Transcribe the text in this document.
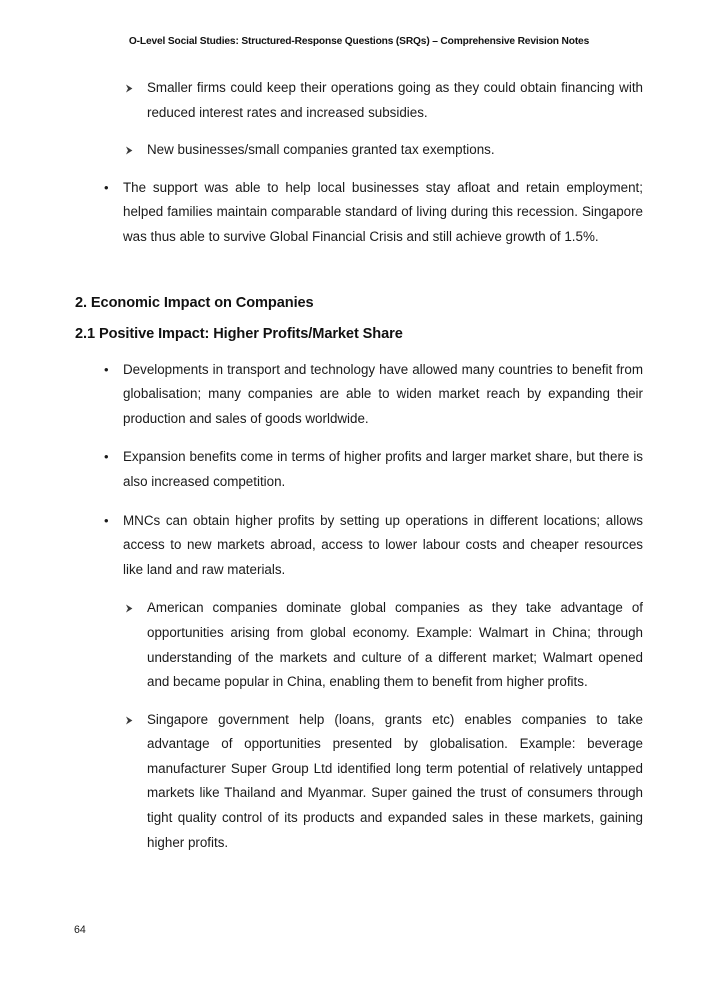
O-Level Social Studies: Structured-Response Questions (SRQs) – Comprehensive Revision Notes
Smaller firms could keep their operations going as they could obtain financing with reduced interest rates and increased subsidies.
New businesses/small companies granted tax exemptions.
• The support was able to help local businesses stay afloat and retain employment; helped families maintain comparable standard of living during this recession. Singapore was thus able to survive Global Financial Crisis and still achieve growth of 1.5%.
2. Economic Impact on Companies
2.1 Positive Impact: Higher Profits/Market Share
• Developments in transport and technology have allowed many countries to benefit from globalisation; many companies are able to widen market reach by expanding their production and sales of goods worldwide.
• Expansion benefits come in terms of higher profits and larger market share, but there is also increased competition.
• MNCs can obtain higher profits by setting up operations in different locations; allows access to new markets abroad, access to lower labour costs and cheaper resources like land and raw materials.
American companies dominate global companies as they take advantage of opportunities arising from global economy. Example: Walmart in China; through understanding of the markets and culture of a different market; Walmart opened and became popular in China, enabling them to benefit from higher profits.
Singapore government help (loans, grants etc) enables companies to take advantage of opportunities presented by globalisation. Example: beverage manufacturer Super Group Ltd identified long term potential of relatively untapped markets like Thailand and Myanmar. Super gained the trust of consumers through tight quality control of its products and expanded sales in these markets, gaining higher profits.
64
